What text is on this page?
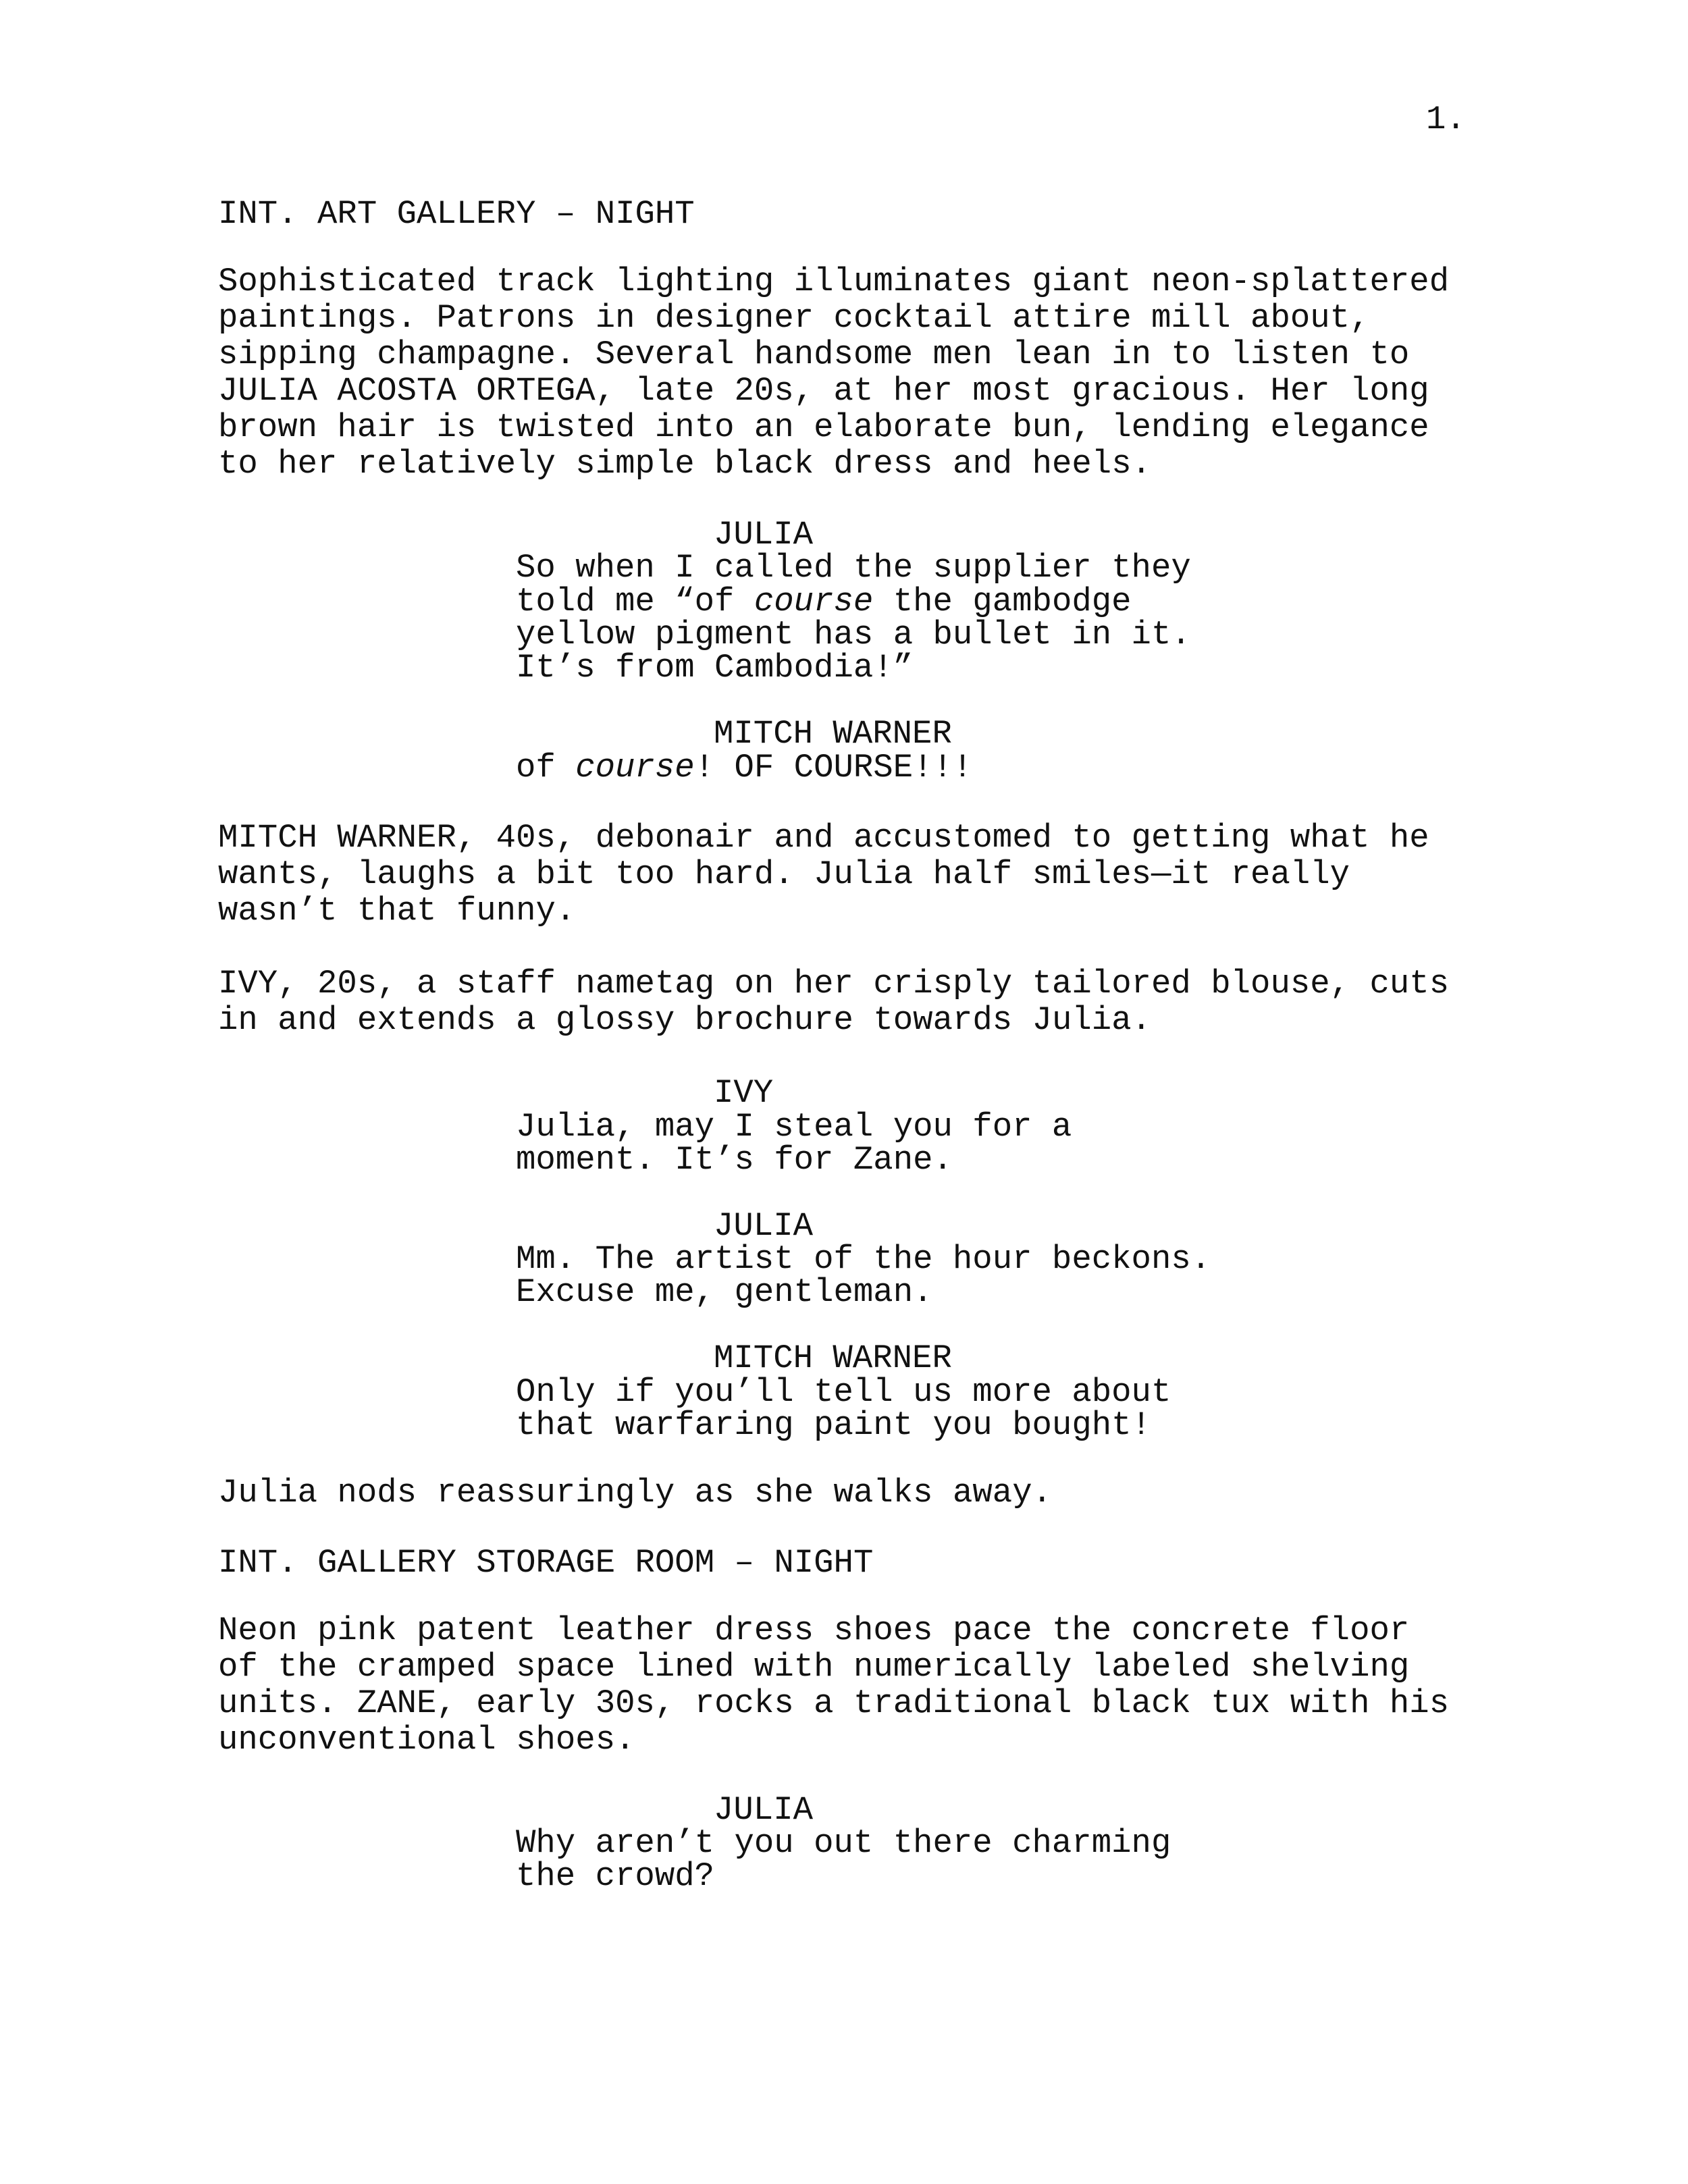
1.
INT. ART GALLERY – NIGHT
Sophisticated track lighting illuminates giant neon-splattered
paintings. Patrons in designer cocktail attire mill about,
sipping champagne. Several handsome men lean in to listen to
JULIA ACOSTA ORTEGA, late 20s, at her most gracious. Her long
brown hair is twisted into an elaborate bun, lending elegance
to her relatively simple black dress and heels.
JULIA
So when I called the supplier they
told me “of course the gambodge
yellow pigment has a bullet in it.
It’s from Cambodia!”
MITCH WARNER
of course! OF COURSE!!!
MITCH WARNER, 40s, debonair and accustomed to getting what he
wants, laughs a bit too hard. Julia half smiles—it really
wasn’t that funny.
IVY, 20s, a staff nametag on her crisply tailored blouse, cuts
in and extends a glossy brochure towards Julia.
IVY
Julia, may I steal you for a
moment. It’s for Zane.
JULIA
Mm. The artist of the hour beckons.
Excuse me, gentleman.
MITCH WARNER
Only if you’ll tell us more about
that warfaring paint you bought!
Julia nods reassuringly as she walks away.
INT. GALLERY STORAGE ROOM – NIGHT
Neon pink patent leather dress shoes pace the concrete floor
of the cramped space lined with numerically labeled shelving
units. ZANE, early 30s, rocks a traditional black tux with his
unconventional shoes.
JULIA
Why aren’t you out there charming
the crowd?
